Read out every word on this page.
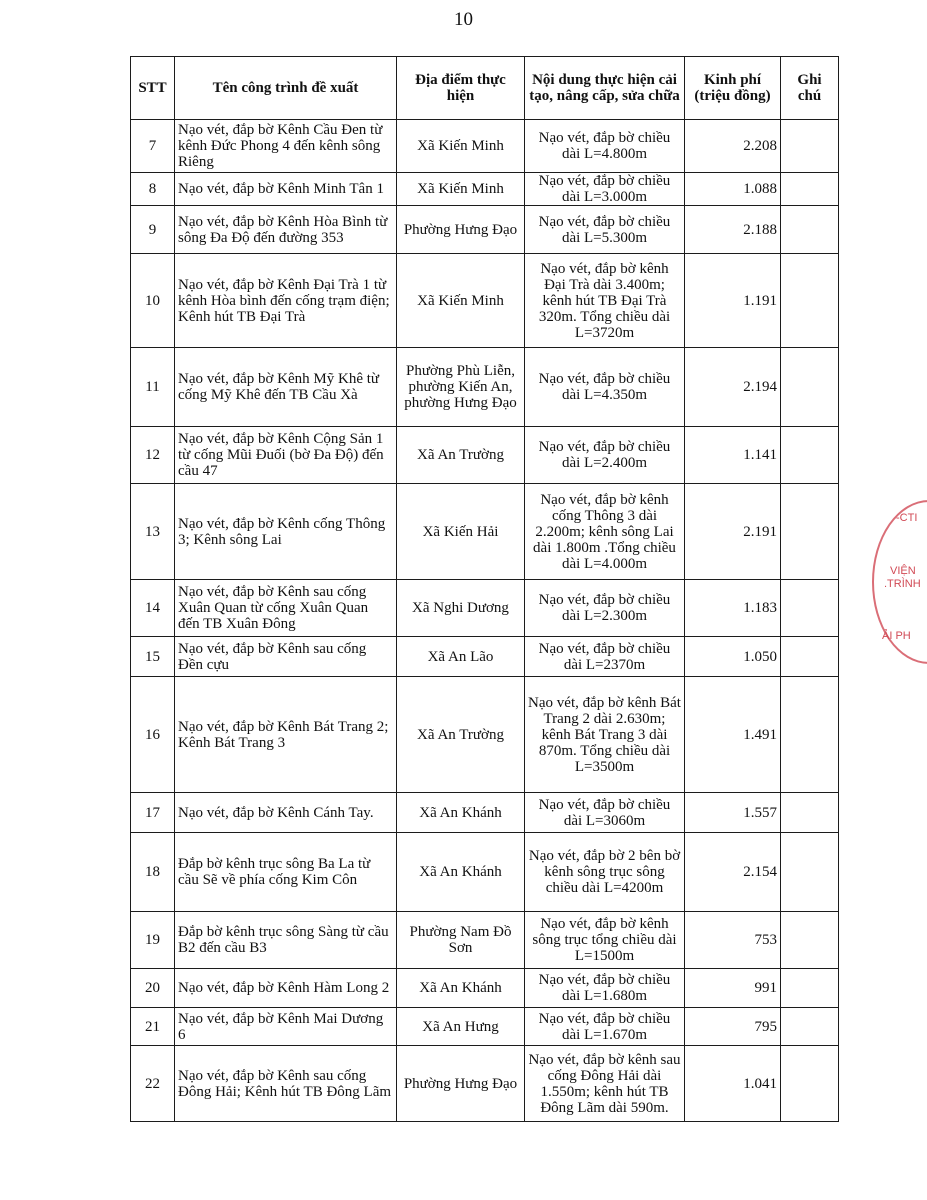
10
STT	Tên công trình đề xuất	Địa điểm thực hiện	Nội dung thực hiện cải tạo, nâng cấp, sửa chữa	Kinh phí (triệu đồng)	Ghi chú
7	Nạo vét, đắp bờ Kênh Cầu Đen từ kênh Đức Phong 4 đến kênh sông Riêng	Xã Kiến Minh	Nạo vét, đắp bờ chiều dài L=4.800m	2.208	
8	Nạo vét, đắp bờ Kênh Minh Tân 1	Xã Kiến Minh	Nạo vét, đắp bờ chiều dài L=3.000m	1.088	
9	Nạo vét, đắp bờ Kênh Hòa Bình từ sông Đa Độ đến đường 353	Phường Hưng Đạo	Nạo vét, đắp bờ chiều dài L=5.300m	2.188	
10	Nạo vét, đắp bờ Kênh Đại Trà 1 từ kênh Hòa bình đến cống trạm điện; Kênh hút TB Đại Trà	Xã Kiến Minh	Nạo vét, đắp bờ kênh Đại Trà dài 3.400m; kênh hút TB Đại Trà 320m. Tổng chiều dài L=3720m	1.191	
11	Nạo vét, đắp bờ Kênh Mỹ Khê từ cống Mỹ Khê đến TB Cầu Xà	Phường Phù Liễn, phường Kiến An, phường Hưng Đạo	Nạo vét, đắp bờ chiều dài L=4.350m	2.194	
12	Nạo vét, đắp bờ Kênh Cộng Sản 1 từ cống Mũi Đuối (bờ Đa Độ) đến cầu 47	Xã An Trường	Nạo vét, đắp bờ chiều dài L=2.400m	1.141	
13	Nạo vét, đắp bờ Kênh cống Thông 3; Kênh sông Lai	Xã Kiến Hải	Nạo vét, đắp bờ kênh cống Thông 3 dài 2.200m; kênh sông Lai dài 1.800m .Tổng chiều dài L=4.000m	2.191	
14	Nạo vét, đắp bờ Kênh sau cống Xuân Quan từ cống Xuân Quan đến TB Xuân Đông	Xã Nghi Dương	Nạo vét, đắp bờ chiều dài L=2.300m	1.183	
15	Nạo vét, đắp bờ Kênh sau cống Đền cựu	Xã An Lão	Nạo vét, đắp bờ chiều dài L=2370m	1.050	
16	Nạo vét, đắp bờ Kênh Bát Trang 2; Kênh Bát Trang 3	Xã An Trường	Nạo vét, đắp bờ kênh Bát Trang 2 dài 2.630m; kênh Bát Trang 3 dài 870m. Tổng chiều dài L=3500m	1.491	
17	Nạo vét, đắp bờ Kênh Cánh Tay.	Xã An Khánh	Nạo vét, đắp bờ chiều dài L=3060m	1.557	
18	Đắp bờ kênh trục sông Ba La từ cầu Sẽ về phía cống Kim Côn	Xã An Khánh	Nạo vét, đắp bờ 2 bên bờ kênh sông trục sông chiều dài L=4200m	2.154	
19	Đắp bờ kênh trục sông Sàng từ cầu B2 đến cầu B3	Phường Nam Đồ Sơn	Nạo vét, đắp bờ kênh sông trục tổng chiều dài L=1500m	753	
20	Nạo vét, đắp bờ Kênh Hàm Long 2	Xã An Khánh	Nạo vét, đắp bờ chiều dài L=1.680m	991	
21	Nạo vét, đắp bờ Kênh Mai Dương 6	Xã An Hưng	Nạo vét, đắp bờ chiều dài L=1.670m	795	
22	Nạo vét, đắp bờ Kênh sau cống Đông Hải; Kênh hút TB Đông Lãm	Phường Hưng Đạo	Nạo vét, đắp bờ kênh sau cống Đông Hải dài 1.550m; kênh hút TB Đông Lãm dài 590m.	1.041	
-CTI
VIỆN
.TRÌNH
ẢI PH
